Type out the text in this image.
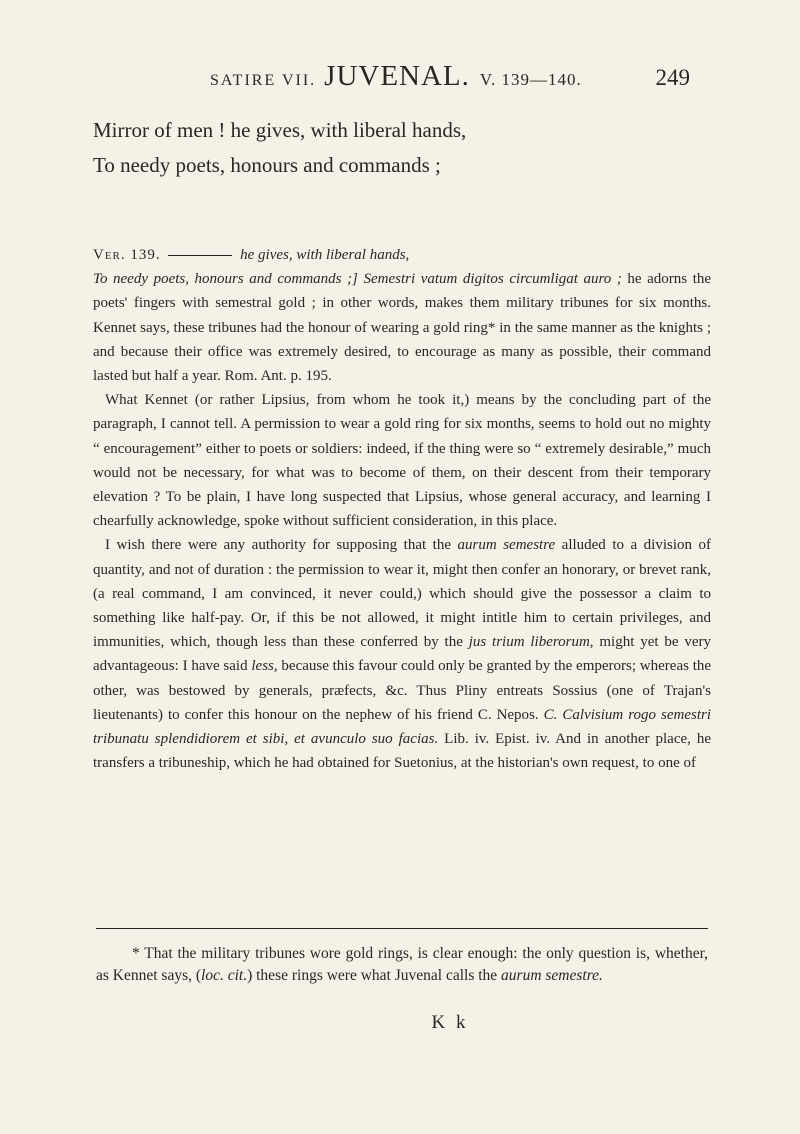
SATIRE VII. JUVENAL. V. 139—140.	249
Mirror of men ! he gives, with liberal hands,
To needy poets, honours and commands ;

Ver. 139.	he gives, with liberal hands,
To needy poets, honours and commands ;] Semestri vatum digitos circumligat auro ; he adorns the poets' fingers with semestral gold ; in other words, makes them military tribunes for six months. Kennet says, these tribunes had the honour of wearing a gold ring* in the same manner as the knights ; and because their office was extremely desired, to encourage as many as possible, their command lasted but half a year. Rom. Ant. p. 195.

What Kennet (or rather Lipsius, from whom he took it,) means by the concluding part of the paragraph, I cannot tell. A permission to wear a gold ring for six months, seems to hold out no mighty “ encouragement” either to poets or soldiers: indeed, if the thing were so “ extremely desirable,” much would not be necessary, for what was to become of them, on their descent from their temporary elevation ? To be plain, I have long suspected that Lipsius, whose general accuracy, and learning I chearfully acknowledge, spoke without sufficient consideration, in this place.

I wish there were any authority for supposing that the aurum semestre alluded to a division of quantity, and not of duration : the permission to wear it, might then confer an honorary, or brevet rank, (a real command, I am convinced, it never could,) which should give the possessor a claim to something like half-pay. Or, if this be not allowed, it might intitle him to certain privileges, and immunities, which, though less than these conferred by the jus trium liberorum, might yet be very advantageous: I have said less, because this favour could only be granted by the emperors; whereas the other, was bestowed by generals, præfects, &c. Thus Pliny entreats Sossius (one of Trajan's lieutenants) to confer this honour on the nephew of his friend C. Nepos. C. Calvisium rogo semestri tribunatu splendidiorem et sibi, et avunculo suo facias. Lib. iv. Epist. iv. And in another place, he transfers a tribuneship, which he had obtained for Suetonius, at the historian's own request, to one of

* That the military tribunes wore gold rings, is clear enough: the only question is, whether, as Kennet says, (loc. cit.) these rings were what Juvenal calls the aurum semestre.

K k
